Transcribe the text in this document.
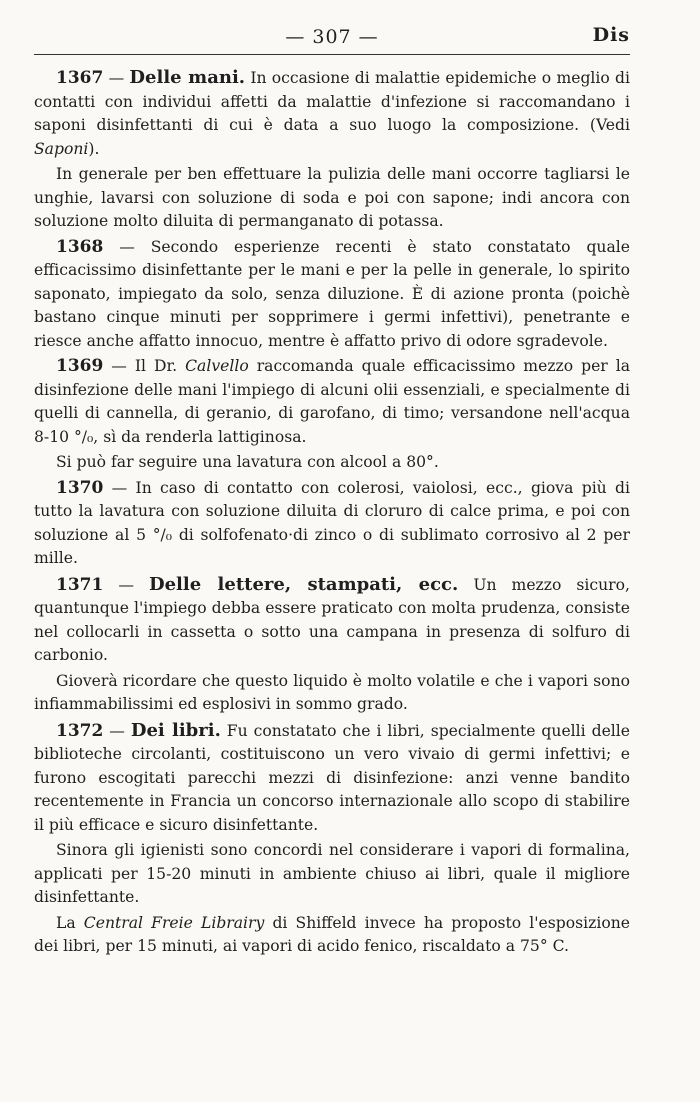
— 307 —	Dis

1367 — Delle mani. In occasione di malattie epidemiche o meglio di contatti con individui affetti da malattie d'infezione si raccomandano i saponi disinfettanti di cui è data a suo luogo la composizione. (Vedi Saponi).

In generale per ben effettuare la pulizia delle mani occorre tagliarsi le unghie, lavarsi con soluzione di soda e poi con sapone; indi ancora con soluzione molto diluita di permanganato di potassa.

1368 — Secondo esperienze recenti è stato constatato quale efficacissimo disinfettante per le mani e per la pelle in generale, lo spirito saponato, impiegato da solo, senza diluzione. È di azione pronta (poichè bastano cinque minuti per sopprimere i germi infettivi), penetrante e riesce anche affatto innocuo, mentre è affatto privo di odore sgradevole.

1369 — Il Dr. Calvello raccomanda quale efficacissimo mezzo per la disinfezione delle mani l'impiego di alcuni olii essenziali, e specialmente di quelli di cannella, di geranio, di garofano, di timo; versandone nell'acqua 8-10 °/₀, sì da renderla lattiginosa.

Si può far seguire una lavatura con alcool a 80°.

1370 — In caso di contatto con colerosi, vaiolosi, ecc., giova più di tutto la lavatura con soluzione diluita di cloruro di calce prima, e poi con soluzione al 5 °/₀ di solfofenato·di zinco o di sublimato corrosivo al 2 per mille.

1371 — Delle lettere, stampati, ecc. Un mezzo sicuro, quantunque l'impiego debba essere praticato con molta prudenza, consiste nel collocarli in cassetta o sotto una campana in presenza di solfuro di carbonio.

Gioverà ricordare che questo liquido è molto volatile e che i vapori sono infiammabilissimi ed esplosivi in sommo grado.

1372 — Dei libri. Fu constatato che i libri, specialmente quelli delle biblioteche circolanti, costituiscono un vero vivaio di germi infettivi; e furono escogitati parecchi mezzi di disinfezione: anzi venne bandito recentemente in Francia un concorso internazionale allo scopo di stabilire il più efficace e sicuro disinfettante.

Sinora gli igienisti sono concordi nel considerare i vapori di formalina, applicati per 15-20 minuti in ambiente chiuso ai libri, quale il migliore disinfettante.

La Central Freie Librairy di Shiffeld invece ha proposto l'esposizione dei libri, per 15 minuti, ai vapori di acido fenico, riscaldato a 75° C.
